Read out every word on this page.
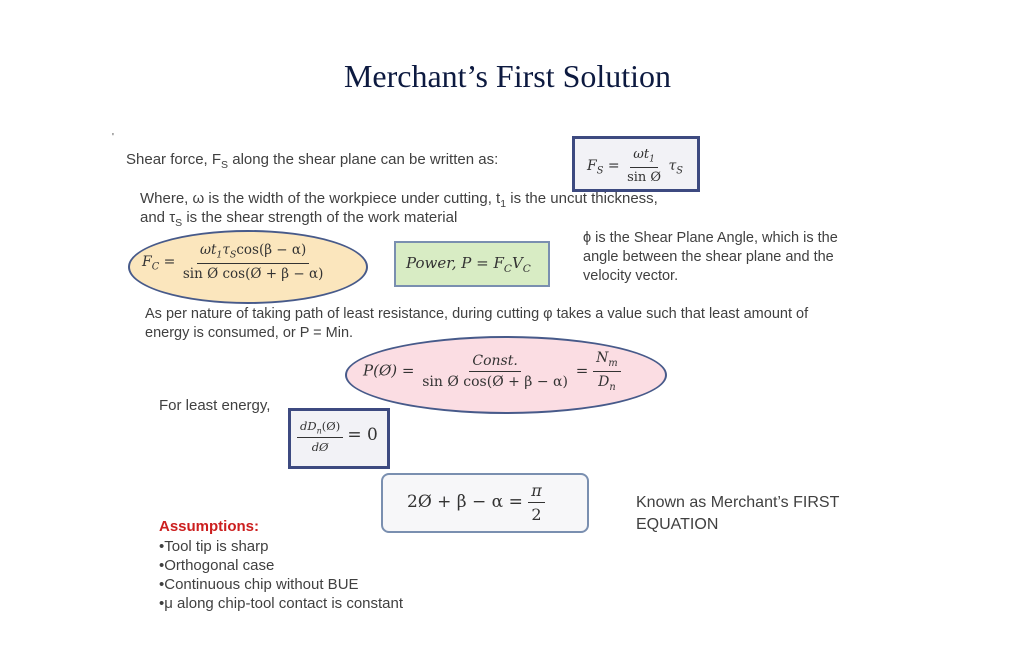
Merchant’s First Solution
'
Shear force, $F_S$ along the shear plane can be written as:	$F_S = \frac{\omega t_1}{\text{sin Ø}} \tau_S$
Where, ω is the width of the workpiece under cutting, $t_1$ is the uncut thickness,
and $\tau_S$ is the shear strength of the work material
$F_C = \frac{\omega t_1\tau_S\cos(\beta - \alpha)}{\text{sin Ø cos(Ø + β − α)}}$	Power, $P = F_CV_C$
ϕ is the Shear Plane Angle, which is the
angle between the shear plane and the
velocity vector.
As per nature of taking path of least resistance, during cutting φ takes a value such that least amount of
energy is consumed, or P = Min.
P(Ø) = $\frac{\text{Const.}}{\text{sin Ø cos(Ø + β − α)}} = \frac{N_m}{D_n}$
For least energy,
$\frac{dD_n(Ø)}{dØ} = 0$
2Ø + $\beta - \alpha = \frac{\pi}{2}$	Known as Merchant’s FIRST
EQUATION
Assumptions:
•Tool tip is sharp
•Orthogonal case
•Continuous chip without BUE
•μ along chip-tool contact is constant
